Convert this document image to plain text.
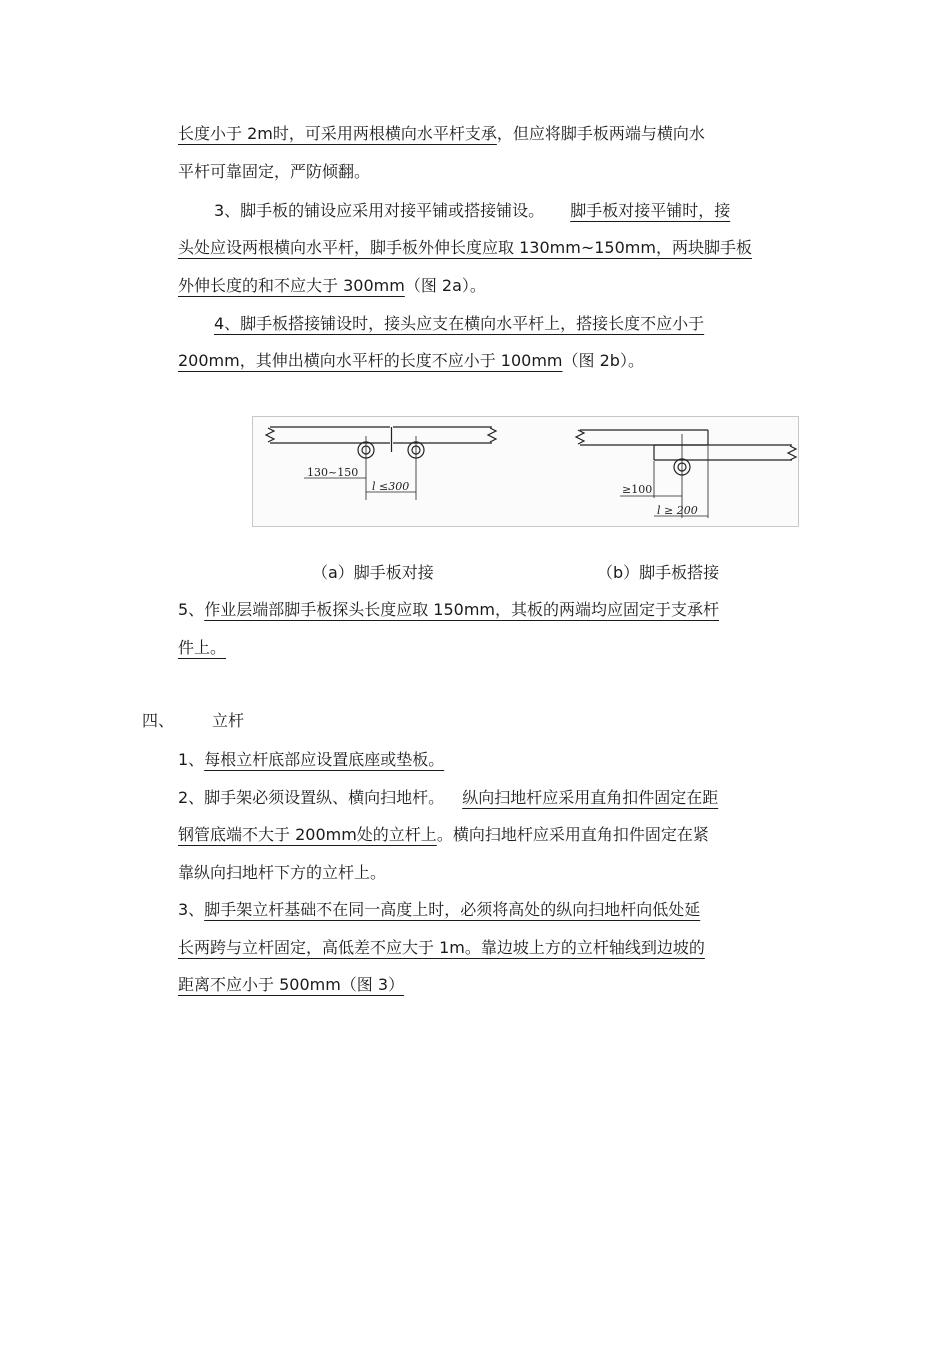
长度小于 2m时，可采用两根横向水平杆支承，但应将脚手板两端与横向水
平杆可靠固定，严防倾翻。
3、脚手板的铺设应采用对接平铺或搭接铺设。 脚手板对接平铺时，接
头处应设两根横向水平杆，脚手板外伸长度应取 130mm~150mm，两块脚手板
外伸长度的和不应大于 300mm（图 2a）。
4、脚手板搭接铺设时，接头应支在横向水平杆上，搭接长度不应小于
200mm，其伸出横向水平杆的长度不应小于 100mm（图 2b）。
130~150
l ≤300	≥100
l ≥ 200
（a）脚手板对接	（b）脚手板搭接
5、作业层端部脚手板探头长度应取 150mm，其板的两端均应固定于支承杆
件上。
四、 立杆
1、每根立杆底部应设置底座或垫板。
2、脚手架必须设置纵、横向扫地杆。 纵向扫地杆应采用直角扣件固定在距
钢管底端不大于 200mm处的立杆上。横向扫地杆应采用直角扣件固定在紧
靠纵向扫地杆下方的立杆上。
3、脚手架立杆基础不在同一高度上时，必须将高处的纵向扫地杆向低处延
长两跨与立杆固定，高低差不应大于 1m。靠边坡上方的立杆轴线到边坡的
距离不应小于 500mm（图 3）
